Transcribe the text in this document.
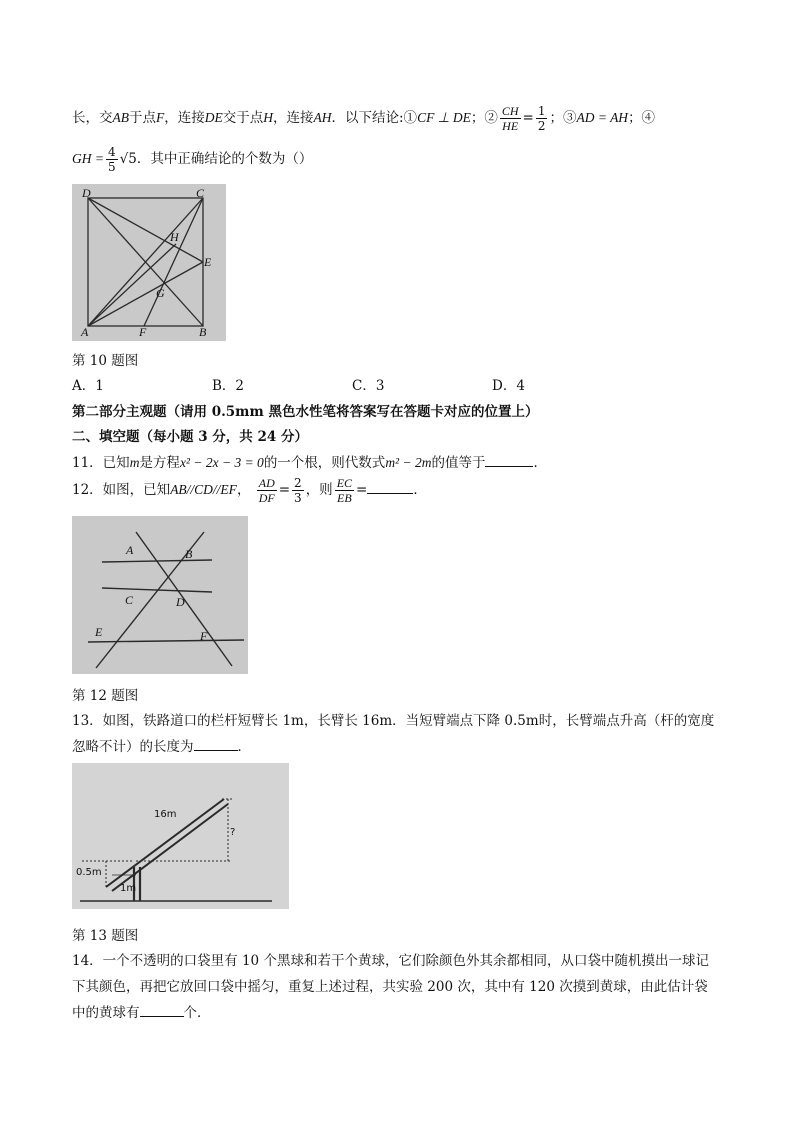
长，交AB于点F，连接DE交于点H，连接AH．以下结论:①CF ⊥ DE；② $\frac{CH}{HE} = \frac{1}{2}$ ；③AD = AH；④
GH = $\frac{4}{5} √5$．其中正确结论的个数为（）
D	C
H
E
G
A	F	B
第 10 题图
A．1	B．2	C．3	D．4
第二部分主观题（请用 0.5mm 黑色水性笔将答案写在答题卡对应的位置上）
二、填空题（每小题 3 分，共 24 分）
11．已知m是方程x² − 2x − 3 = 0的一个根，则代数式m² − 2m的值等于	．
12．如图，已知AB//CD//EF， $\frac{AD}{DF} = \frac{2}{3}$ ，则 $\frac{EC}{EB}$ =	．
A	B
C	D
E	F
第 12 题图
13．如图，铁路道口的栏杆短臂长 1m，长臂长 16m．当短臂端点下降 0.5m时，长臂端点升高（杆的宽度
忽略不计）的长度为	．
16m
?
0.5m
1m
第 13 题图
14．一个不透明的口袋里有 10 个黑球和若干个黄球，它们除颜色外其余都相同，从口袋中随机摸出一球记
下其颜色，再把它放回口袋中摇匀，重复上述过程，共实验 200 次，其中有 120 次摸到黄球，由此估计袋
中的黄球有	个．
